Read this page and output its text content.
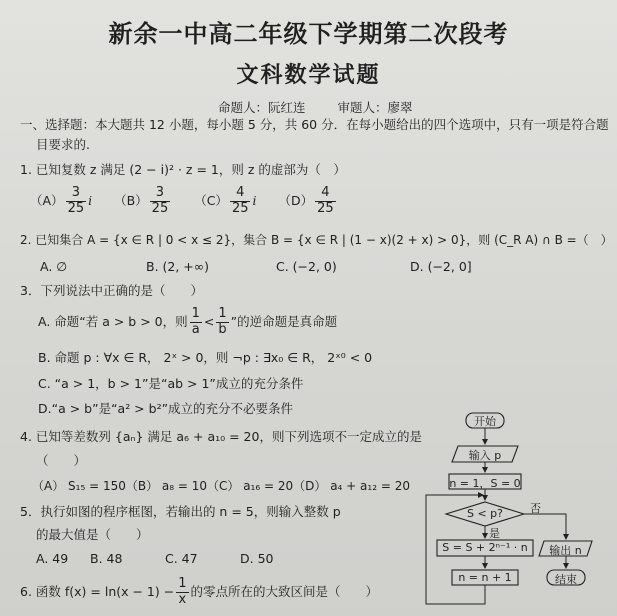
新余一中高二年级下学期第二次段考
文科数学试题
命题人：阮红连	审题人：廖翠
一、选择题：本大题共 12 小题，每小题 5 分，共 60 分．在每小题给出的四个选项中，只有一项是符合题
目要求的.
1. 已知复数 z 满足 (2 − i)² · z = 1，则 z 的虚部为（　）
$(A) \frac{3}{25}$ i $(B) \frac{3}{25} (C) \frac{4}{25}$ i $(D) \frac{4}{25}$
2. 已知集合 A = {x ∈ R | 0 < x ≤ 2}，集合 B = {x ∈ R | (1 − x)(2 + x) > 0}，则 (C_R A) ∩ B =（　）
A. ∅	B. (2, +∞)	C. (−2, 0)	D. (−2, 0]
3．下列说法中正确的是（　　）
A. 命题“若 a > b > 0，则 $\frac{1}{a} < \frac{1}{b}$ ”的逆命题是真命题
B. 命题 p : ∀x ∈ R， 2ˣ > 0，则 ¬p : ∃x₀ ∈ R， 2ˣ⁰ < 0
C. “a > 1，b > 1”是“ab > 1”成立的充分条件
D.“a > b”是“a² > b²”成立的充分不必要条件
4. 已知等差数列 {aₙ} 满足 a₆ + a₁₀ = 20，则下列选项不一定成立的是
（　　）
（A） S₁₅ = 150（B） a₈ = 10（C） a₁₆ = 20（D） a₄ + a₁₂ = 20
5．执行如图的程序框图，若输出的 n = 5，则输入整数 p
的最大值是（　　）
A. 49 B. 48	C. 47	D. 50
6. 函数 $f(x) = \ln(x - 1) - \frac{1}{x}$ 的零点所在的大致区间是（　　）
开始
输入 p
n = 1，S = 0
S < p?
是
否
S = S + 2ⁿ⁻¹ · n
n = n + 1
输出 n
结束
